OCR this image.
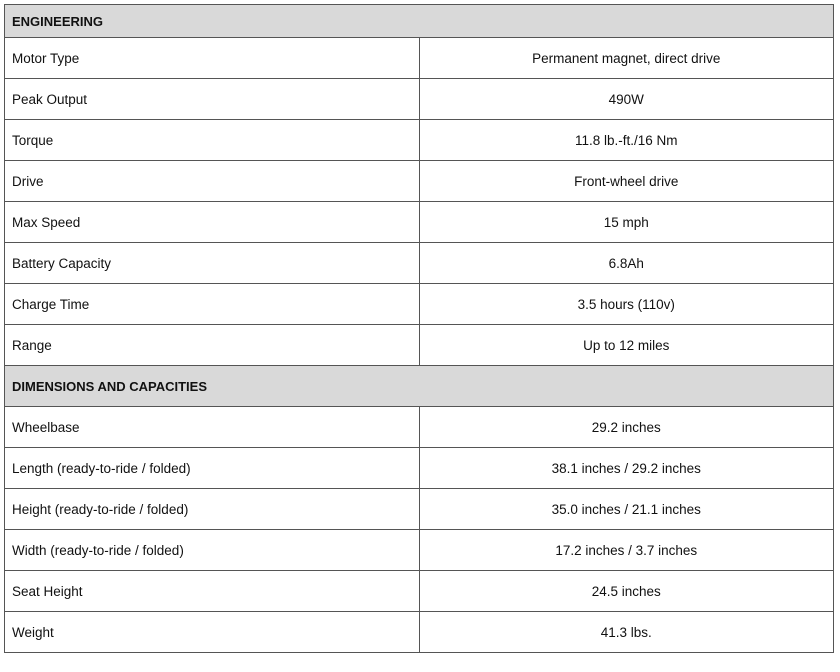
ENGINEERING	
Motor Type	Permanent magnet, direct drive
Peak Output	490W
Torque	11.8 lb.-ft./16 Nm
Drive	Front-wheel drive
Max Speed	15 mph
Battery Capacity	6.8Ah
Charge Time	3.5 hours (110v)
Range	Up to 12 miles
DIMENSIONS AND CAPACITIES	
Wheelbase	29.2 inches
Length (ready-to-ride / folded)	38.1 inches / 29.2 inches
Height (ready-to-ride / folded)	35.0 inches / 21.1 inches
Width (ready-to-ride / folded)	17.2 inches / 3.7 inches
Seat Height	24.5 inches
Weight	41.3 lbs.
